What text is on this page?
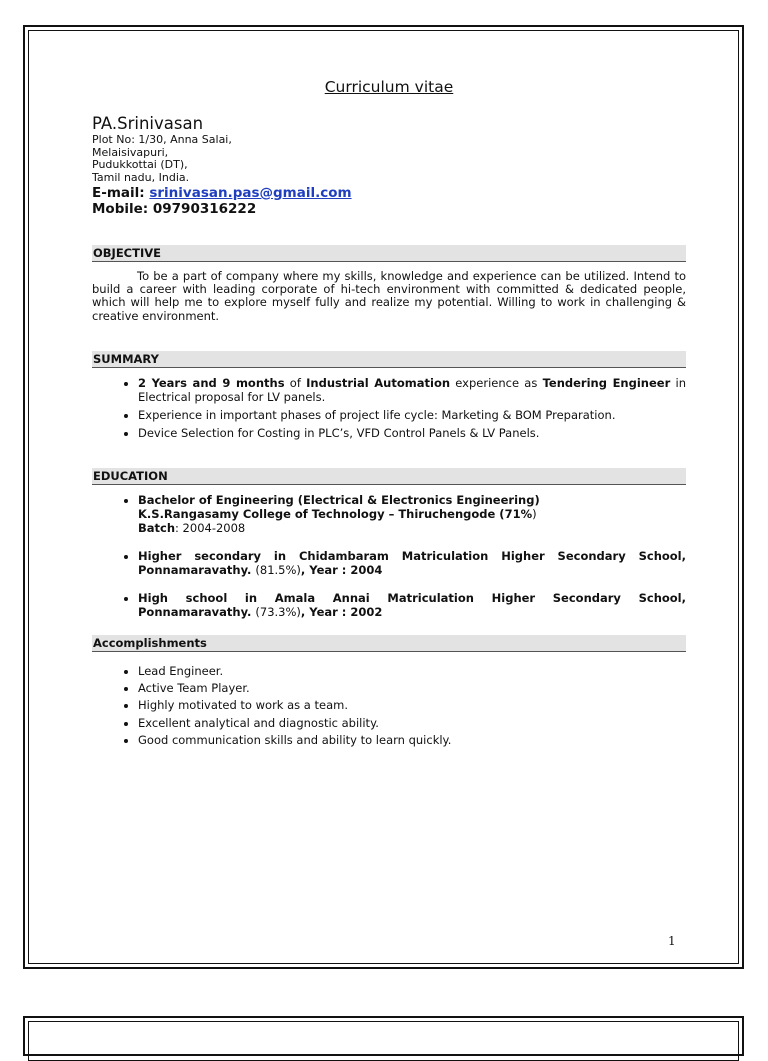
Curriculum vitae
PA.Srinivasan
Plot No: 1/30, Anna Salai,
Melaisivapuri,
Pudukkottai (DT),
Tamil nadu, India.
E-mail: srinivasan.pas@gmail.com
Mobile: 09790316222
OBJECTIVE
To be a part of company where my skills, knowledge and experience can be utilized. Intend to build a career with leading corporate of hi-tech environment with committed & dedicated people, which will help me to explore myself fully and realize my potential. Willing to work in challenging & creative environment.
SUMMARY
• 2 Years and 9 months of Industrial Automation experience as Tendering Engineer in Electrical proposal for LV panels.
• Experience in important phases of project life cycle: Marketing & BOM Preparation.
• Device Selection for Costing in PLC’s, VFD Control Panels & LV Panels.
EDUCATION
• Bachelor of Engineering (Electrical & Electronics Engineering)
K.S.Rangasamy College of Technology – Thiruchengode (71%)
Batch: 2004-2008
• Higher secondary in Chidambaram Matriculation Higher Secondary School, Ponnamaravathy. (81.5%), Year : 2004
• High school in Amala Annai Matriculation Higher Secondary School, Ponnamaravathy. (73.3%), Year : 2002
Accomplishments
• Lead Engineer.
• Active Team Player.
• Highly motivated to work as a team.
• Excellent analytical and diagnostic ability.
• Good communication skills and ability to learn quickly.
1
